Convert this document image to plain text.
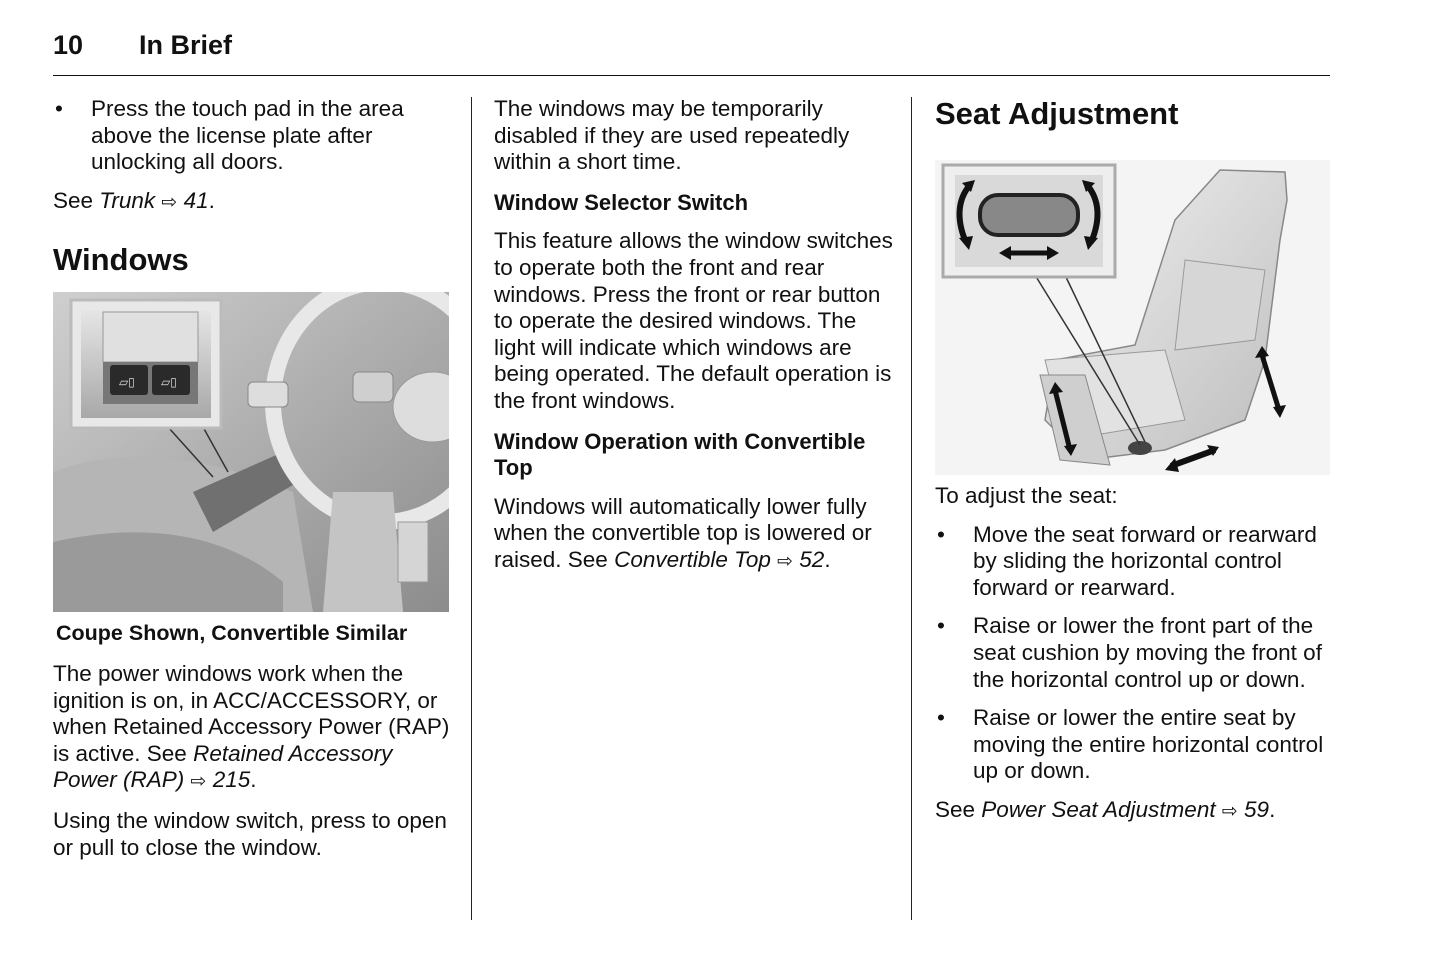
10 In Brief
• Press the touch pad in the area above the license plate after unlocking all doors.

See Trunk ⇨ 41.

Windows
▱▯ ▱▯
Coupe Shown, Convertible Similar

The power windows work when the ignition is on, in ACC/ACCESSORY, or when Retained Accessory Power (RAP) is active. See Retained Accessory Power (RAP) ⇨ 215.

Using the window switch, press to open or pull to close the window.

The windows may be temporarily disabled if they are used repeatedly within a short time.

Window Selector Switch

This feature allows the window switches to operate both the front and rear windows. Press the front or rear button to operate the desired windows. The light will indicate which windows are being operated. The default operation is the front windows.

Window Operation with Convertible Top

Windows will automatically lower fully when the convertible top is lowered or raised. See Convertible Top ⇨ 52.

Seat Adjustment

To adjust the seat:

• Move the seat forward or rearward by sliding the horizontal control forward or rearward.
• Raise or lower the front part of the seat cushion by moving the front of the horizontal control up or down.
• Raise or lower the entire seat by moving the entire horizontal control up or down.

See Power Seat Adjustment ⇨ 59.
